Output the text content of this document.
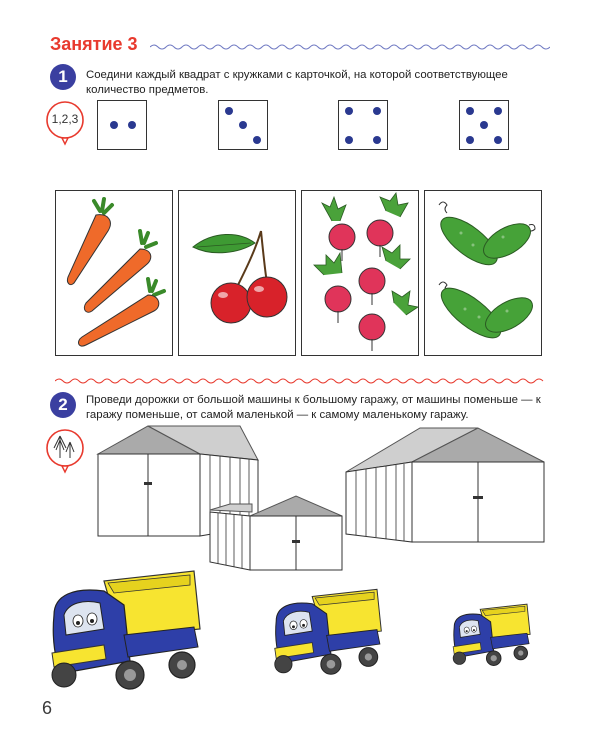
Занятие 3
1	Соедини каждый квадрат с кружками с карточкой, на которой соответствующее количество предметов.
1,2,3
2	Проведи дорожки от большой машины к большому гаражу, от машины поменьше — к гаражу поменьше, от самой маленькой — к самому маленькому гаражу.
6
